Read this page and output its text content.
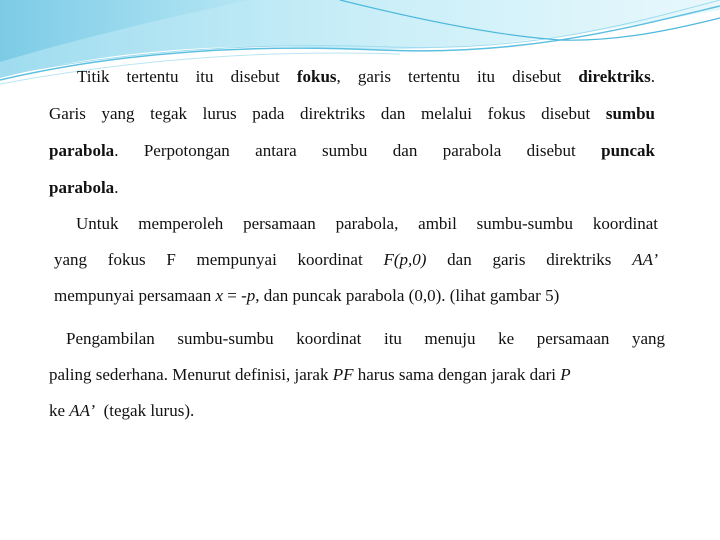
Titik tertentu itu disebut fokus, garis tertentu itu disebut direktriks.
Garis yang tegak lurus pada direktriks dan melalui fokus disebut sumbu
parabola. Perpotongan antara sumbu dan parabola disebut puncak
parabola.
Untuk memperoleh persamaan parabola, ambil sumbu-sumbu koordinat
yang fokus F mempunyai koordinat F(p,0) dan garis direktriks AA’
mempunyai persamaan x = -p, dan puncak parabola (0,0). (lihat gambar 5)
Pengambilan sumbu-sumbu koordinat itu menuju ke persamaan yang
paling sederhana. Menurut definisi, jarak PF harus sama dengan jarak dari P
ke AA’  (tegak lurus).
